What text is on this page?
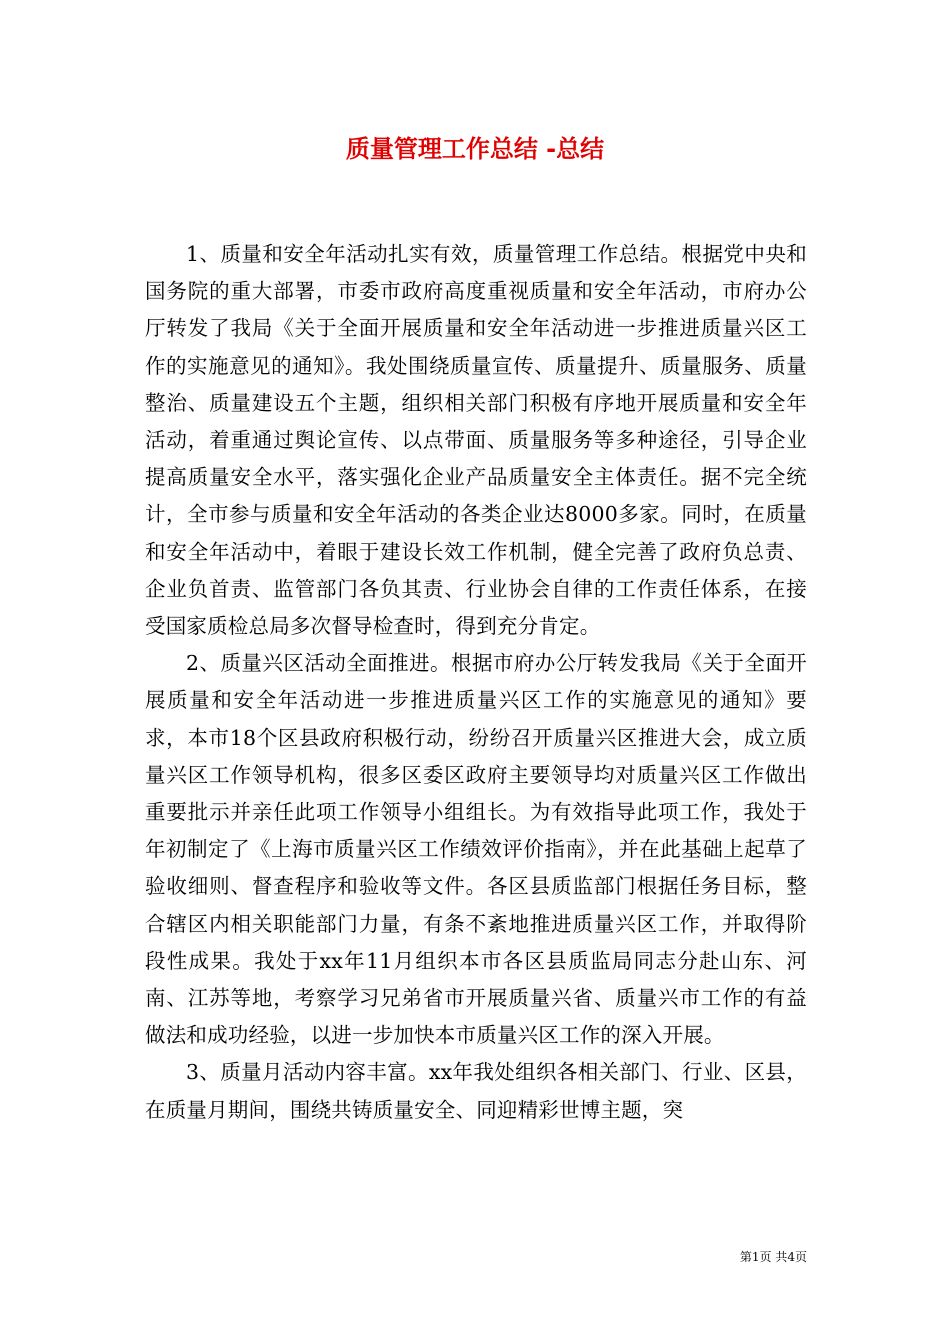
质量管理工作总结 -总结

1、质量和安全年活动扎实有效，质量管理工作总结。根据党中央和国务院的重大部署，市委市政府高度重视质量和安全年活动，市府办公厅转发了我局《关于全面开展质量和安全年活动进一步推进质量兴区工作的实施意见的通知》。我处围绕质量宣传、质量提升、质量服务、质量整治、质量建设五个主题，组织相关部门积极有序地开展质量和安全年活动，着重通过舆论宣传、以点带面、质量服务等多种途径，引导企业提高质量安全水平，落实强化企业产品质量安全主体责任。据不完全统计，全市参与质量和安全年活动的各类企业达8000多家。同时，在质量和安全年活动中，着眼于建设长效工作机制，健全完善了政府负总责、企业负首责、监管部门各负其责、行业协会自律的工作责任体系，在接受国家质检总局多次督导检查时，得到充分肯定。

2、质量兴区活动全面推进。根据市府办公厅转发我局《关于全面开展质量和安全年活动进一步推进质量兴区工作的实施意见的通知》要求，本市18个区县政府积极行动，纷纷召开质量兴区推进大会，成立质量兴区工作领导机构，很多区委区政府主要领导均对质量兴区工作做出重要批示并亲任此项工作领导小组组长。为有效指导此项工作，我处于年初制定了《上海市质量兴区工作绩效评价指南》，并在此基础上起草了验收细则、督查程序和验收等文件。各区县质监部门根据任务目标，整合辖区内相关职能部门力量，有条不紊地推进质量兴区工作，并取得阶段性成果。我处于xx年11月组织本市各区县质监局同志分赴山东、河南、江苏等地，考察学习兄弟省市开展质量兴省、质量兴市工作的有益做法和成功经验，以进一步加快本市质量兴区工作的深入开展。

3、质量月活动内容丰富。xx年我处组织各相关部门、行业、区县，在质量月期间，围绕共铸质量安全、同迎精彩世博主题，突

第1页 共4页
